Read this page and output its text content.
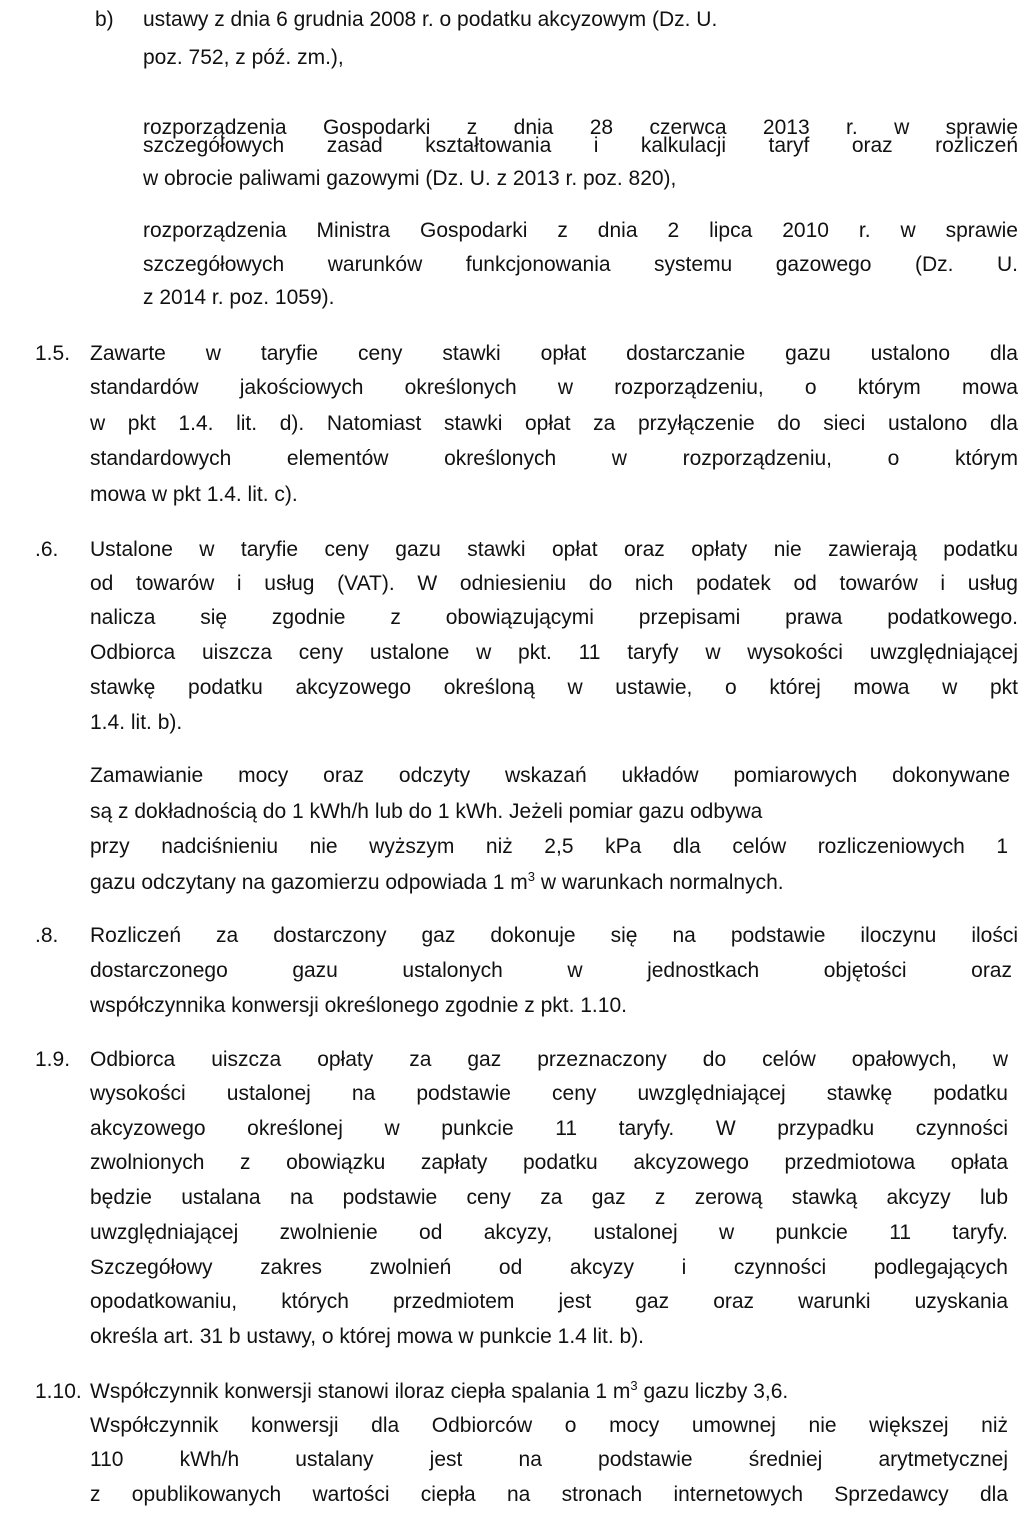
b) ustawy z dnia 6 grudnia 2008 r. o podatku akcyzowym (Dz. U.
poz. 752, z póź. zm.),
rozporządzenia Gospodarki z dnia 28 czerwca 2013 r. w sprawie
szczegółowych zasad kształtowania i kalkulacji taryf oraz rozliczeń
w obrocie paliwami gazowymi (Dz. U. z 2013 r. poz. 820),
rozporządzenia Ministra Gospodarki z dnia 2 lipca 2010 r. w sprawie
szczegółowych warunków funkcjonowania systemu gazowego (Dz. U.
z 2014 r. poz. 1059).
1.5. Zawarte w taryfie ceny stawki opłat dostarczanie gazu ustalono dla
standardów jakościowych określonych w rozporządzeniu, o którym mowa
w pkt 1.4. lit. d). Natomiast stawki opłat za przyłączenie do sieci ustalono dla
standardowych elementów określonych w rozporządzeniu, o którym
mowa w pkt 1.4. lit. c).
.6. Ustalone w taryfie ceny gazu stawki opłat oraz opłaty nie zawierają podatku
od towarów i usług (VAT). W odniesieniu do nich podatek od towarów i usług
nalicza się zgodnie z obowiązującymi przepisami prawa podatkowego.
Odbiorca uiszcza ceny ustalone w pkt. 11 taryfy w wysokości uwzględniającej
stawkę podatku akcyzowego określoną w ustawie, o której mowa w pkt
1.4. lit. b).
Zamawianie mocy oraz odczyty wskazań układów pomiarowych dokonywane
są z dokładnością do 1 kWh/h lub do 1 kWh. Jeżeli pomiar gazu odbywa
przy nadciśnieniu nie wyższym niż 2,5 kPa dla celów rozliczeniowych 1
gazu odczytany na gazomierzu odpowiada 1 $m^3$ w warunkach normalnych.
.8. Rozliczeń za dostarczony gaz dokonuje się na podstawie iloczynu ilości
dostarczonego gazu ustalonych w jednostkach objętości oraz
współczynnika konwersji określonego zgodnie z pkt. 1.10.
1.9. Odbiorca uiszcza opłaty za gaz przeznaczony do celów opałowych, w
wysokości ustalonej na podstawie ceny uwzględniającej stawkę podatku
akcyzowego określonej w punkcie 11 taryfy. W przypadku czynności
zwolnionych z obowiązku zapłaty podatku akcyzowego przedmiotowa opłata
będzie ustalana na podstawie ceny za gaz z zerową stawką akcyzy lub
uwzględniającej zwolnienie od akcyzy, ustalonej w punkcie 11 taryfy.
Szczegółowy zakres zwolnień od akcyzy i czynności podlegających
opodatkowaniu, których przedmiotem jest gaz oraz warunki uzyskania
określa art. 31 b ustawy, o której mowa w punkcie 1.4 lit. b).
1.10. Współczynnik konwersji stanowi iloraz ciepła spalania 1 $m^3$ gazu liczby 3,6.
Współczynnik konwersji dla Odbiorców o mocy umownej nie większej niż
110 kWh/h ustalany jest na podstawie średniej arytmetycznej
z opublikowanych wartości ciepła na stronach internetowych Sprzedawcy dla
